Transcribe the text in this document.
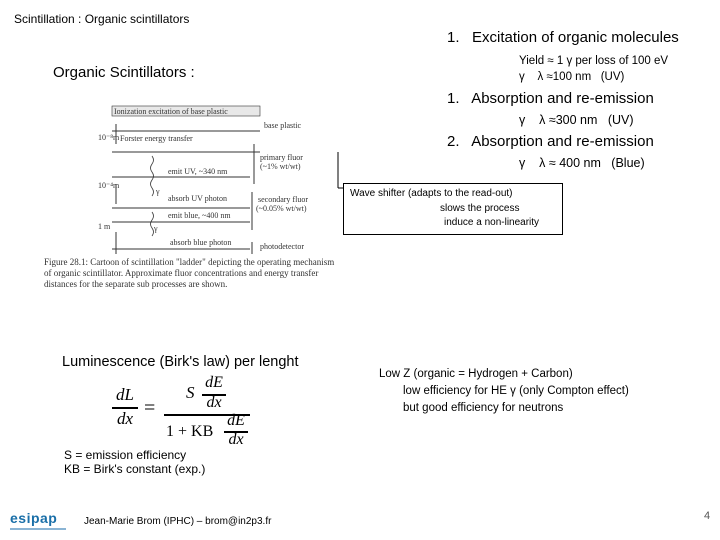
Scintillation : Organic scintillators
Organic Scintillators :
1. Excitation of organic molecules
Yield ≈ 1 γ per loss of 100 eV
γ    λ ≈100 nm   (UV)
1. Absorption and re-emission
γ    λ ≈300 nm   (UV)
2. Absorption and re-emission
γ    λ ≈ 400 nm   (Blue)
Wave shifter (adapts to the read-out)
slows the process
induce a non-linearity
Ionization excitation of base plastic
base plastic
Forster energy transfer
emit UV, ~340 nm
primary fluor
(~1% wt/wt)
absorb UV photon	secondary fluor
(~0.05% wt/wt)
emit blue, ~400 nm
absorb blue photon	photodetector
10⁻⁸m
10⁻⁴m
1 m
γ
γ
Figure 28.1: Cartoon of scintillation "ladder" depicting the operating mechanism of organic scintillator. Approximate fluor concentrations and energy transfer distances for the separate sub processes are shown.
Luminescence (Birk's law) per lenght
dL
dx =
S
dE
dx
1 + KB
dE
dx
S = emission efficiency
KB = Birk's constant (exp.)
Low Z (organic = Hydrogen + Carbon)
low efficiency for HE γ (only Compton effect)
but good efficiency for neutrons
esipap	Jean-Marie Brom (IPHC) – brom@in2p3.fr	4
